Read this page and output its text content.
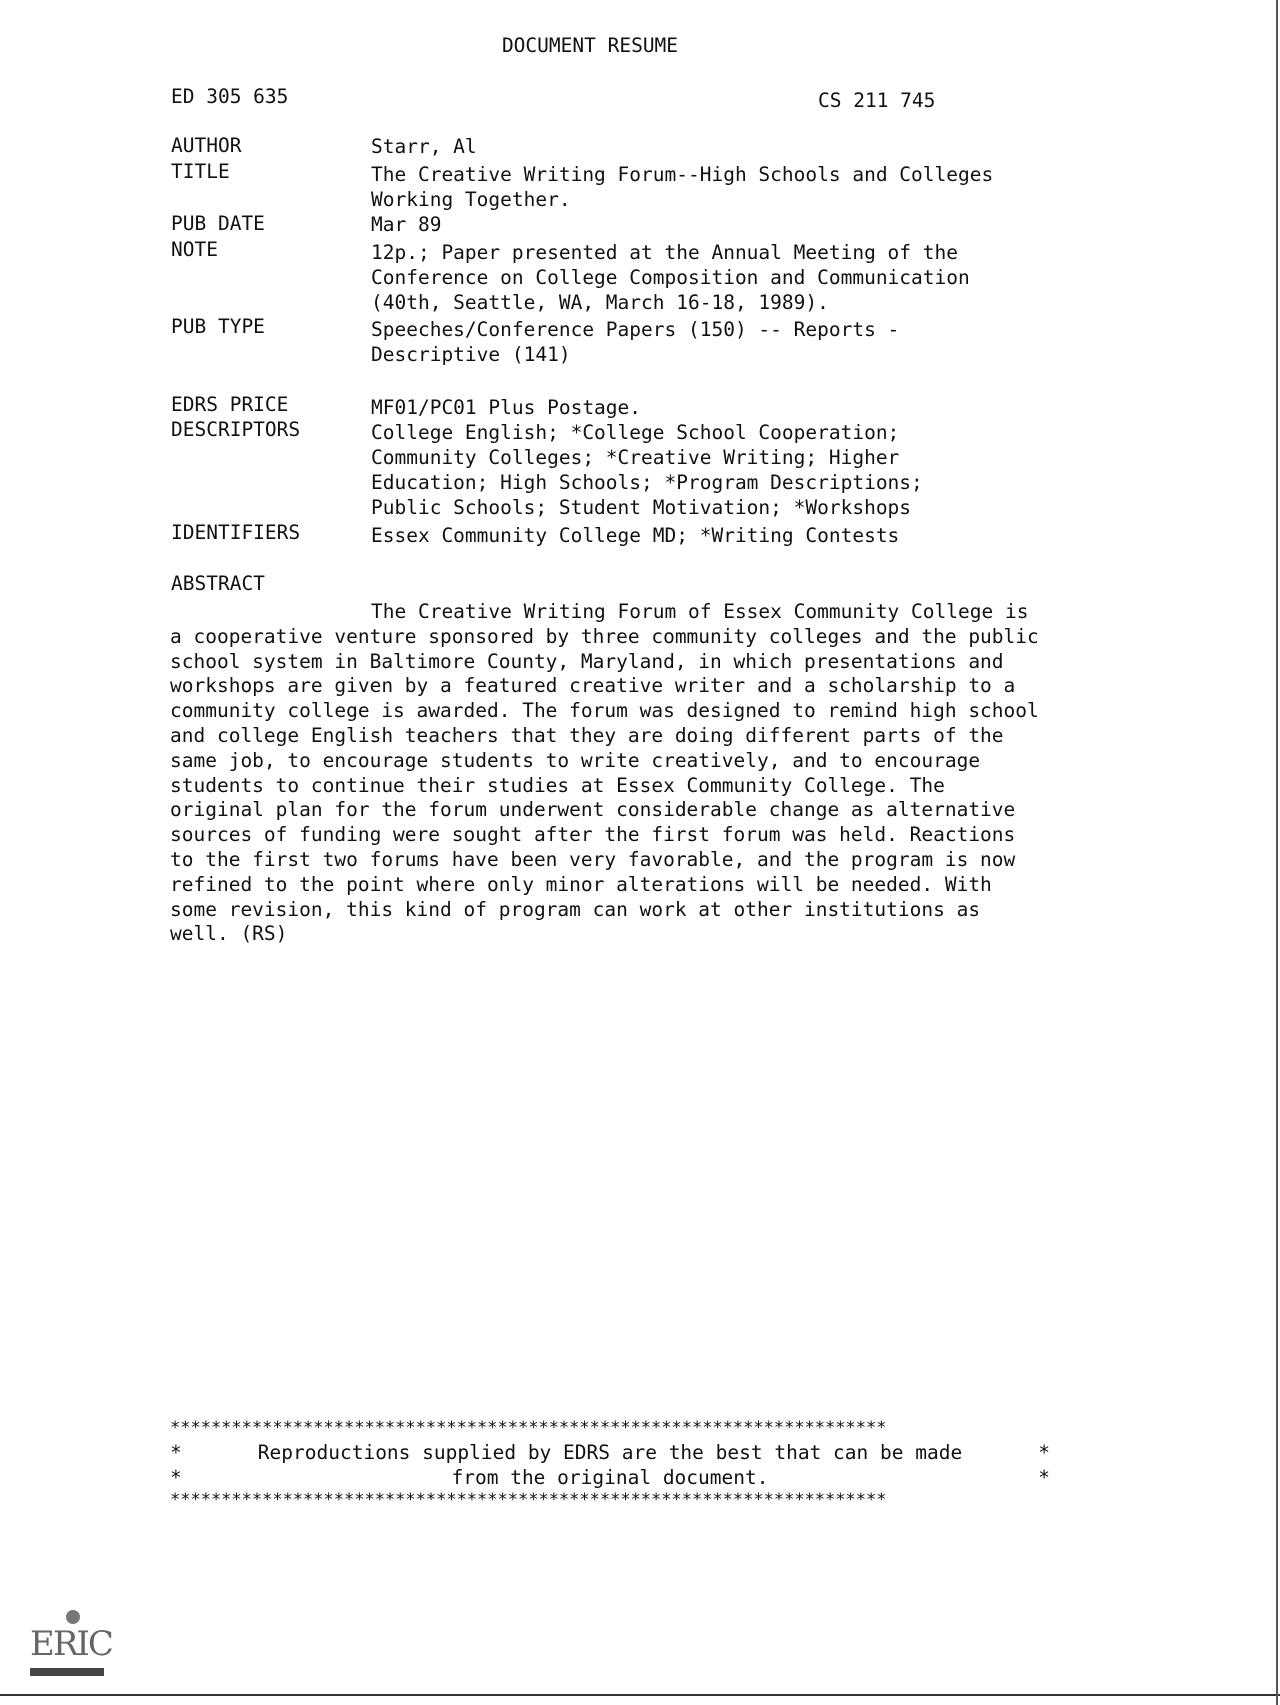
DOCUMENT RESUME
ED 305 635	CS 211 745
AUTHOR	Starr, Al
TITLE	The Creative Writing Forum--High Schools and Colleges
Working Together.
PUB DATE	Mar 89
NOTE	12p.; Paper presented at the Annual Meeting of the
Conference on College Composition and Communication
(40th, Seattle, WA, March 16-18, 1989).
PUB TYPE	Speeches/Conference Papers (150) -- Reports -
Descriptive (141)
EDRS PRICE	MF01/PC01 Plus Postage.
DESCRIPTORS	College English; *College School Cooperation;
Community Colleges; *Creative Writing; Higher
Education; High Schools; *Program Descriptions;
Public Schools; Student Motivation; *Workshops
IDENTIFIERS	Essex Community College MD; *Writing Contests
ABSTRACT
The Creative Writing Forum of Essex Community College is a cooperative venture sponsored by three community colleges and the public school system in Baltimore County, Maryland, in which presentations and workshops are given by a featured creative writer and a scholarship to a community college is awarded. The forum was designed to remind high school and college English teachers that they are doing different parts of the same job, to encourage students to write creatively, and to encourage students to continue their studies at Essex Community College. The original plan for the forum underwent considerable change as alternative sources of funding were sought after the first forum was held. Reactions to the first two forums have been very favorable, and the program is now refined to the point where only minor alterations will be needed. With some revision, this kind of program can work at other institutions as well. (RS)
**********************************************************************
*	Reproductions supplied by EDRS are the best that can be made	*
*	from the original document.	*
**********************************************************************
ERIC
